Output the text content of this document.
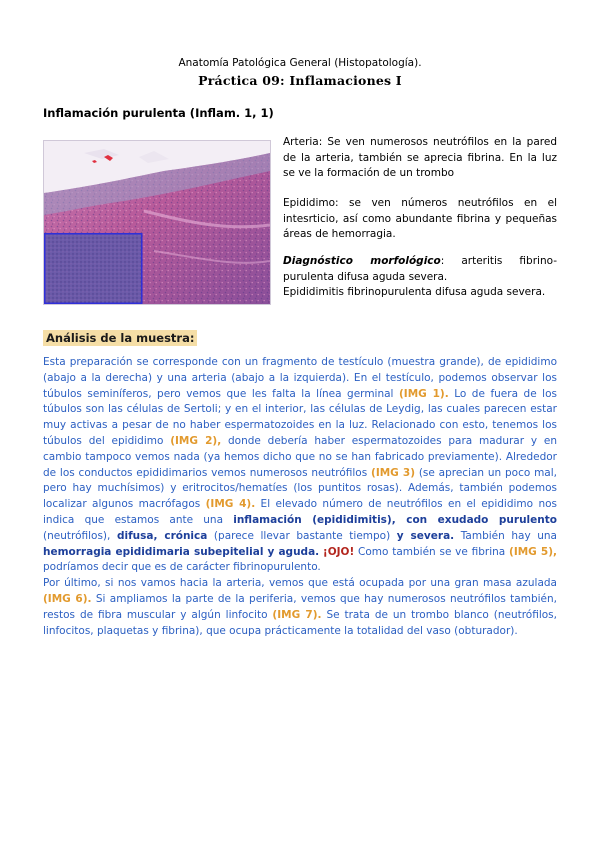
Anatomía Patológica General (Histopatología).
Práctica 09: Inflamaciones I
Inflamación purulenta (Inflam. 1, 1)

Arteria: Se ven numerosos neutrófilos en la pared de la arteria, también se aprecia fibrina. En la luz se ve la formación de un trombo

Epididimo: se ven números neutrófilos en el intesrticio, así como abundante fibrina y pequeñas áreas de hemorragia.

Diagnóstico morfológico: arteritis fibrino-purulenta difusa aguda severa.

Epididimitis fibrinopurulenta difusa aguda severa.

Análisis de la muestra:

Esta preparación se corresponde con un fragmento de testículo (muestra grande), de epididimo (abajo a la derecha) y una arteria (abajo a la izquierda). En el testículo, podemos observar los túbulos seminíferos, pero vemos que les falta la línea germinal (IMG 1). Lo de fuera de los túbulos son las células de Sertoli; y en el interior, las células de Leydig, las cuales parecen estar muy activas a pesar de no haber espermatozoides en la luz. Relacionado con esto, tenemos los túbulos del epididimo (IMG 2), donde debería haber espermatozoides para madurar y en cambio tampoco vemos nada (ya hemos dicho que no se han fabricado previamente). Alrededor de los conductos epididimarios vemos numerosos neutrófilos (IMG 3) (se aprecian un poco mal, pero hay muchísimos) y eritrocitos/hematíes (los puntitos rosas). Además, también podemos localizar algunos macrófagos (IMG 4). El elevado número de neutrófilos en el epididimo nos indica que estamos ante una inflamación (epididimitis), con exudado purulento (neutrófilos), difusa, crónica (parece llevar bastante tiempo) y severa. También hay una hemorragia epididimaria subepitelial y aguda. ¡OJO! Como también se ve fibrina (IMG 5), podríamos decir que es de carácter fibrinopurulento.

Por último, si nos vamos hacia la arteria, vemos que está ocupada por una gran masa azulada (IMG 6). Si ampliamos la parte de la periferia, vemos que hay numerosos neutrófilos también, restos de fibra muscular y algún linfocito (IMG 7). Se trata de un trombo blanco (neutrófilos, linfocitos, plaquetas y fibrina), que ocupa prácticamente la totalidad del vaso (obturador).
